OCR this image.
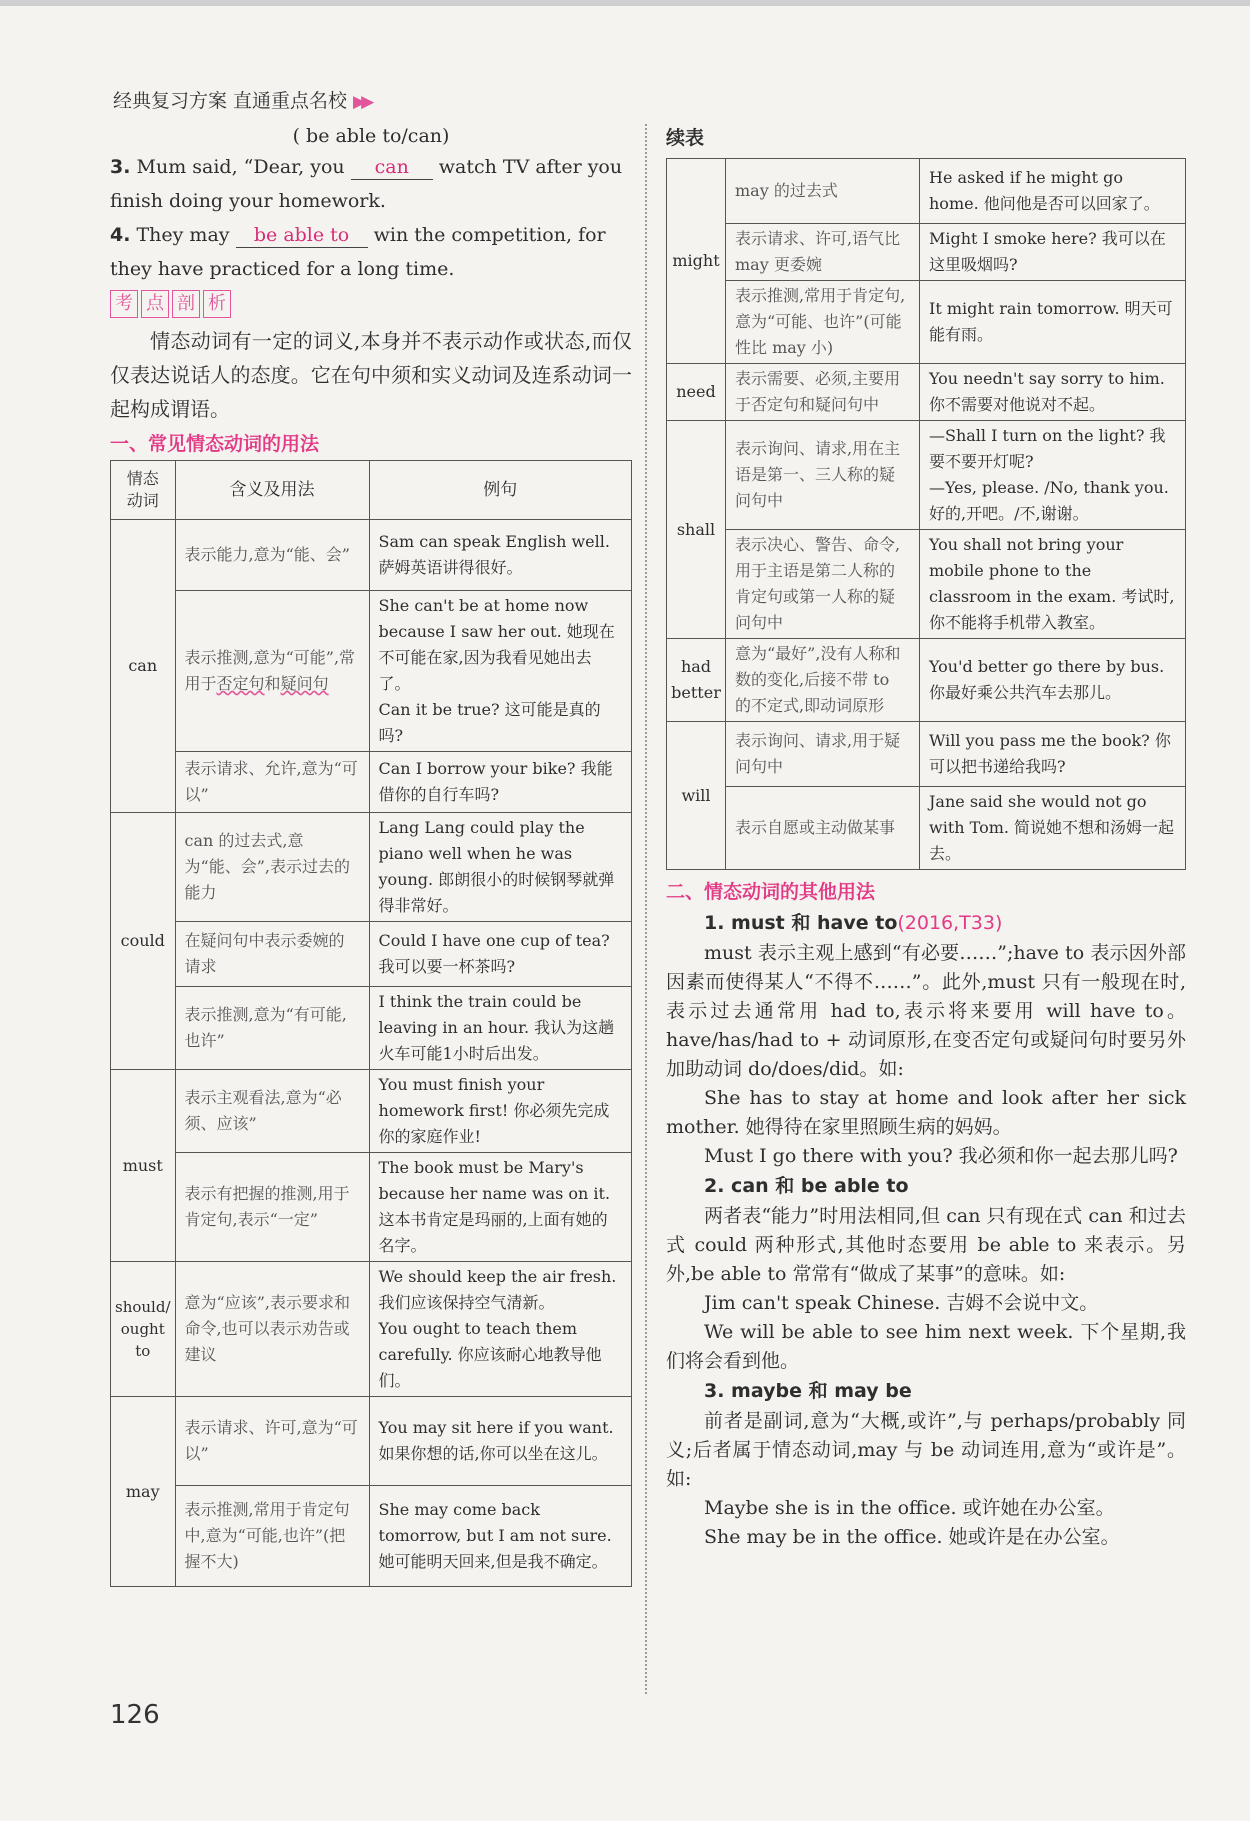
经典复习方案 直通重点名校 ▶▶

( be able to/can)

3. Mum said, “Dear, you can watch TV after you finish doing your homework.

4. They may be able to win the competition, for they have practiced for a long time.

考 点 剖 析

情态动词有一定的词义,本身并不表示动作或状态,而仅仅表达说话人的态度。它在句中须和实义动词及连系动词一起构成谓语。

一、常见情态动词的用法
情态动词	含义及用法	例句
can	表示能力,意为“能、会”	Sam can speak English well. 萨姆英语讲得很好。
	表示推测,意为“可能”,常用于否定句和疑问句	She can't be at home now because I saw her out. 她现在不可能在家,因为我看见她出去了。
Can it be true? 这可能是真的吗?

	表示请求、允许,意为“可以”	Can I borrow your bike? 我能借你的自行车吗?
could	can 的过去式,意为“能、会”,表示过去的能力	Lang Lang could play the piano well when he was young. 郎朗很小的时候钢琴就弹得非常好。
	在疑问句中表示委婉的请求	Could I have one cup of tea? 我可以要一杯茶吗?
	表示推测,意为“有可能,也许”	I think the train could be leaving in an hour. 我认为这趟火车可能1小时后出发。
must	表示主观看法,意为“必须、应该”	You must finish your homework first! 你必须先完成你的家庭作业!
	表示有把握的推测,用于肯定句,表示“一定”	The book must be Mary's because her name was on it. 这本书肯定是玛丽的,上面有她的名字。
should/ ought to	意为“应该”,表示要求和命令,也可以表示劝告或建议	We should keep the air fresh. 我们应该保持空气清新。
You ought to teach them carefully. 你应该耐心地教导他们。

may	表示请求、许可,意为“可以”	You may sit here if you want. 如果你想的话,你可以坐在这儿。
	表示推测,常用于肯定句中,意为“可能,也许”(把握不大)	She may come back tomorrow, but I am not sure. 她可能明天回来,但是我不确定。
续表
might	may 的过去式	He asked if he might go home. 他问他是否可以回家了。
	表示请求、许可,语气比 may 更委婉	Might I smoke here? 我可以在这里吸烟吗?
	表示推测,常用于肯定句,意为“可能、也许”(可能性比 may 小)	It might rain tomorrow. 明天可能有雨。
need	表示需要、必须,主要用于否定句和疑问句中	You needn't say sorry to him. 你不需要对他说对不起。
shall	表示询问、请求,用在主语是第一、三人称的疑问句中	—Shall I turn on the light? 我要不要开灯呢?
—Yes, please. /No, thank you. 好的,开吧。/不,谢谢。

	表示决心、警告、命令,用于主语是第二人称的肯定句或第一人称的疑问句中	You shall not bring your mobile phone to the classroom in the exam. 考试时,你不能将手机带入教室。
had better	意为“最好”,没有人称和数的变化,后接不带 to 的不定式,即动词原形	You'd better go there by bus. 你最好乘公共汽车去那儿。
will	表示询问、请求,用于疑问句中	Will you pass me the book? 你可以把书递给我吗?
	表示自愿或主动做某事	Jane said she would not go with Tom. 简说她不想和汤姆一起去。
二、情态动词的其他用法
1. must 和 have to(2016,T33)

must 表示主观上感到“有必要……”;have to 表示因外部因素而使得某人“不得不……”。此外,must 只有一般现在时,表示过去通常用 had to,表示将来要用 will have to。have/has/had to + 动词原形,在变否定句或疑问句时要另外加助动词 do/does/did。如:

She has to stay at home and look after her sick mother. 她得待在家里照顾生病的妈妈。

Must I go there with you? 我必须和你一起去那儿吗?

2. can 和 be able to

两者表“能力”时用法相同,但 can 只有现在式 can 和过去式 could 两种形式,其他时态要用 be able to 来表示。另外,be able to 常常有“做成了某事”的意味。如:

Jim can't speak Chinese. 吉姆不会说中文。

We will be able to see him next week. 下个星期,我们将会看到他。

3. maybe 和 may be

前者是副词,意为“大概,或许”,与 perhaps/probably 同义;后者属于情态动词,may 与 be 动词连用,意为“或许是”。如:

Maybe she is in the office. 或许她在办公室。

She may be in the office. 她或许是在办公室。

126
